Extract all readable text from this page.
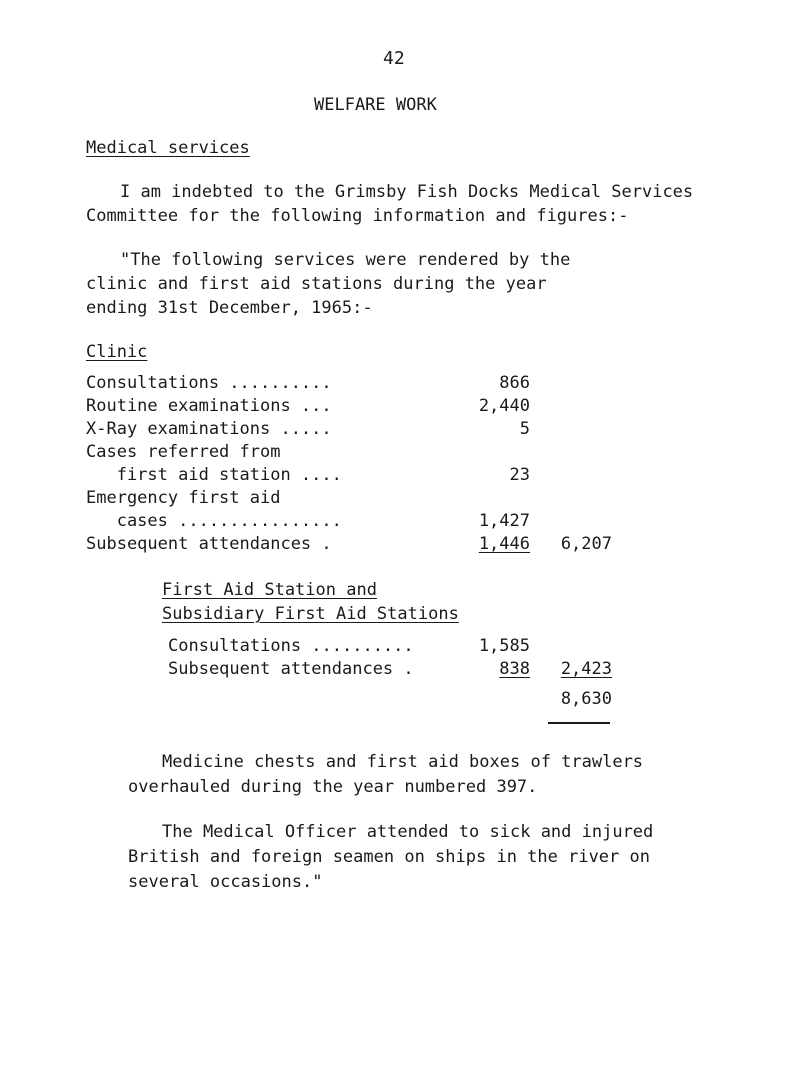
42
WELFARE WORK
Medical services
I am indebted to the Grimsby Fish Docks Medical Services
Committee for the following information and figures:-
"The following services were rendered by the
clinic and first aid stations during the year
ending 31st December, 1965:-
Clinic
Consultations ..........	866
Routine examinations ...	2,440
X-Ray examinations .....	5
Cases referred from
first aid station ....	23
Emergency first aid
cases ................	1,427
Subsequent attendances .	1,446	6,207
First Aid Station and
Subsidiary First Aid Stations
Consultations ..........	1,585
Subsequent attendances .	838	2,423
8,630
Medicine chests and first aid boxes of trawlers
overhauled during the year numbered 397.
The Medical Officer attended to sick and injured
British and foreign seamen on ships in the river on
several occasions."
